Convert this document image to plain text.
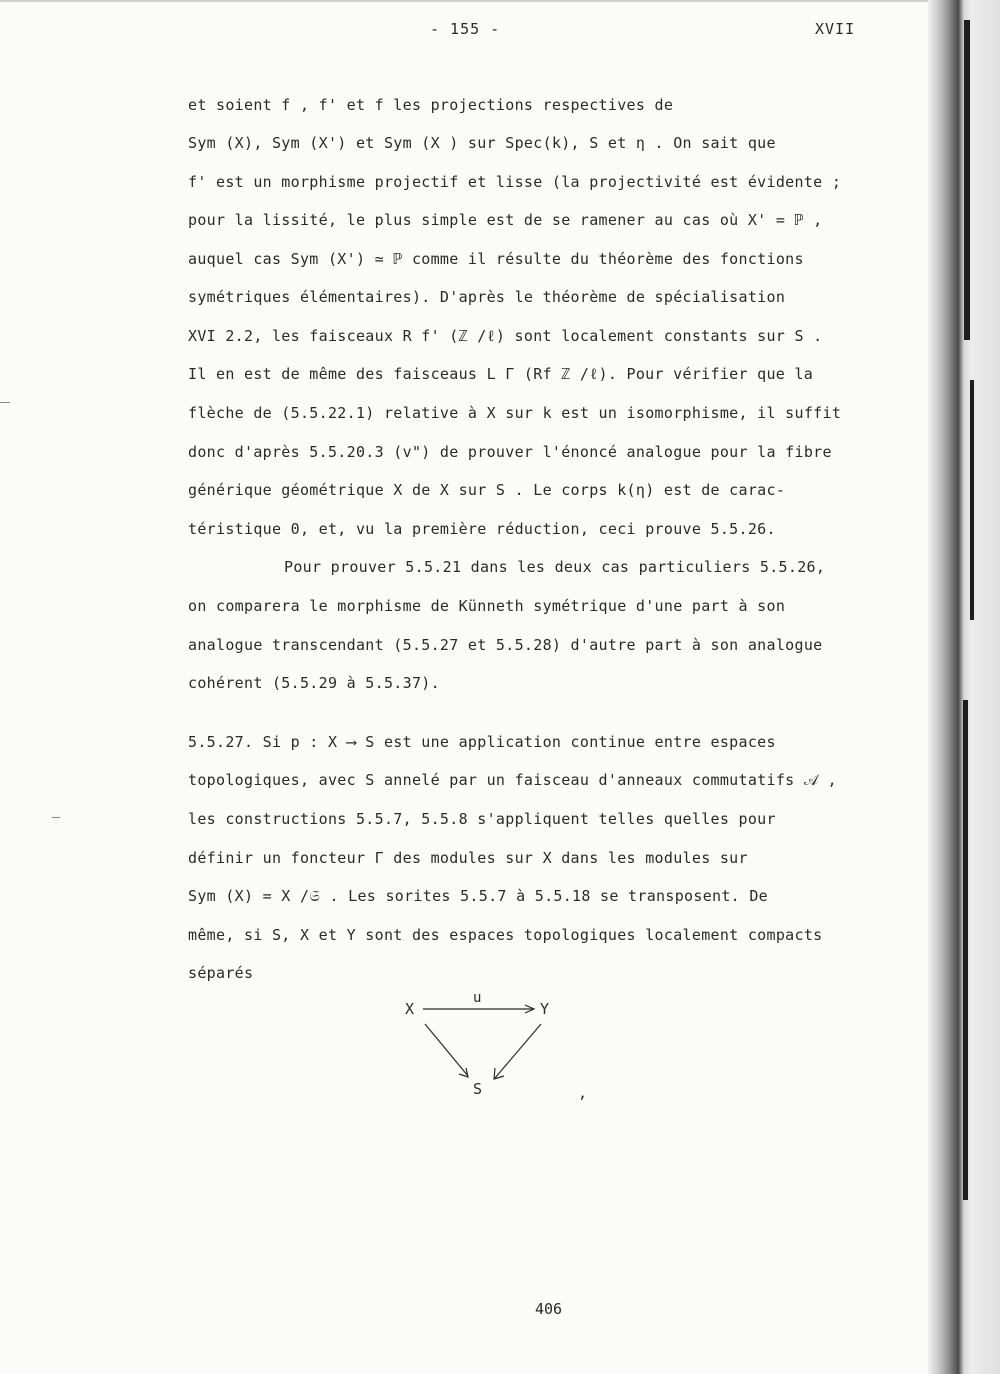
- 155 -	XVII
et soient f , f' et f les projections respectives de
Sym (X), Sym (X') et Sym (X ) sur Spec(k), S et η . On sait que
f' est un morphisme projectif et lisse (la projectivité est évidente ;
pour la lissité, le plus simple est de se ramener au cas où X' = ℙ ,
auquel cas Sym (X') ≃ ℙ comme il résulte du théorème des fonctions
symétriques élémentaires). D'après le théorème de spécialisation
XVI 2.2, les faisceaux R f' (ℤ /ℓ) sont localement constants sur S .
Il en est de même des faisceaus L Γ (Rf ℤ /ℓ). Pour vérifier que la
flèche de (5.5.22.1) relative à X sur k est un isomorphisme, il suffit
donc d'après 5.5.20.3 (v") de prouver l'énoncé analogue pour la fibre
générique géométrique X de X sur S . Le corps k(η) est de carac-
téristique 0, et, vu la première réduction, ceci prouve 5.5.26.
Pour prouver 5.5.21 dans les deux cas particuliers 5.5.26,
on comparera le morphisme de Künneth symétrique d'une part à son
analogue transcendant (5.5.27 et 5.5.28) d'autre part à son analogue
cohérent (5.5.29 à 5.5.37).
5.5.27. Si p : X ⟶ S est une application continue entre espaces
topologiques, avec S annelé par un faisceau d'anneaux commutatifs 𝒜 ,
les constructions 5.5.7, 5.5.8 s'appliquent telles quelles pour
définir un foncteur Γ des modules sur X dans les modules sur
Sym (X) = X /𝔖 . Les sorites 5.5.7 à 5.5.18 se transposent. De
même, si S, X et Y sont des espaces topologiques localement compacts
séparés
X
u
Y
S	,
406
